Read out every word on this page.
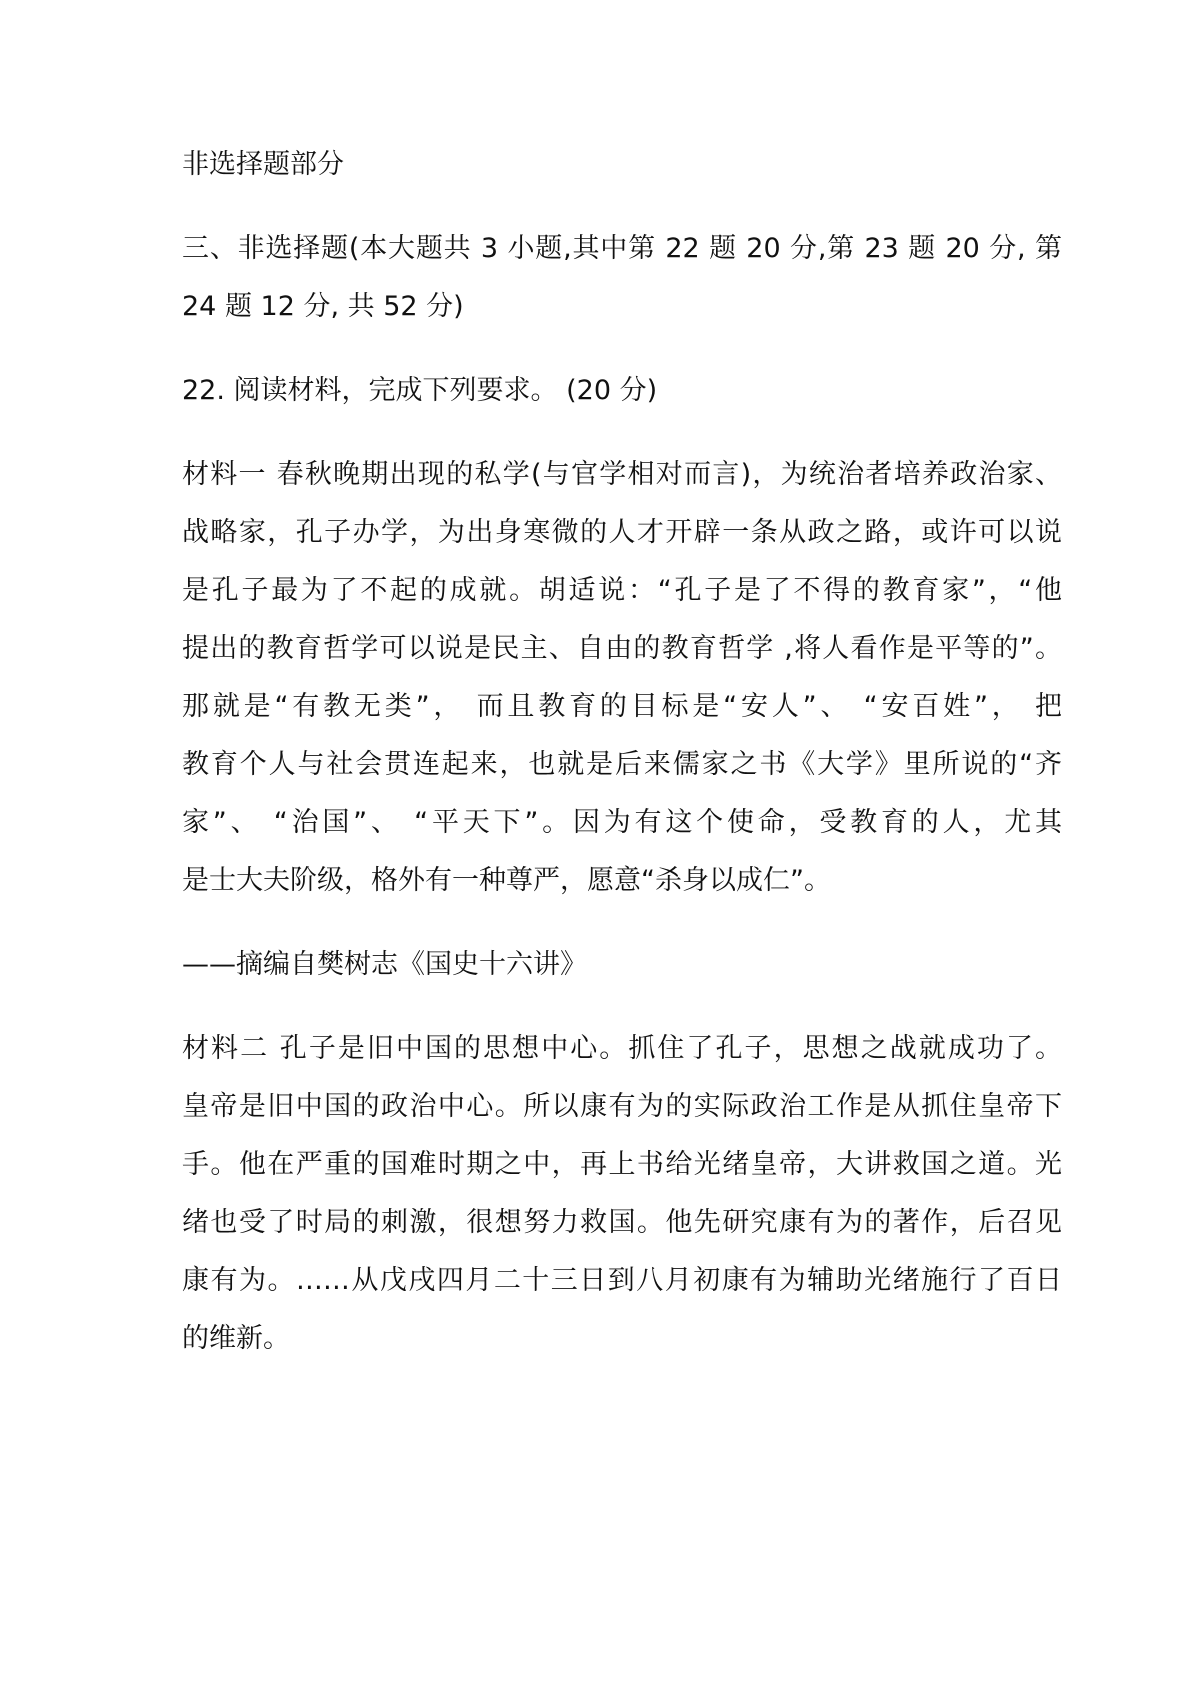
非选择题部分
三、非选择题(本大题共 3 小题,其中第 22 题 20 分,第 23 题 20 分, 第
24 题 12 分, 共 52 分)
22. 阅读材料，完成下列要求。 (20 分)
材料一 春秋晚期出现的私学(与官学相对而言)，为统治者培养政治家、
战略家，孔子办学，为出身寒微的人才开辟一条从政之路，或许可以说
是孔子最为了不起的成就。胡适说：“孔子是了不得的教育家”，“他
提出的教育哲学可以说是民主、自由的教育哲学 ,将人看作是平等的”。
那就是“有教无类”， 而且教育的目标是“安人”、 “安百姓”， 把
教育个人与社会贯连起来，也就是后来儒家之书《大学》里所说的“齐
家”、 “治国”、 “平天下”。因为有这个使命，受教育的人，尤其
是士大夫阶级，格外有一种尊严，愿意“杀身以成仁”。
——摘编自樊树志《国史十六讲》
材料二 孔子是旧中国的思想中心。抓住了孔子，思想之战就成功了。
皇帝是旧中国的政治中心。所以康有为的实际政治工作是从抓住皇帝下
手。他在严重的国难时期之中，再上书给光绪皇帝，大讲救国之道。光
绪也受了时局的刺激，很想努力救国。他先研究康有为的著作，后召见
康有为。……从戊戌四月二十三日到八月初康有为辅助光绪施行了百日
的维新。
